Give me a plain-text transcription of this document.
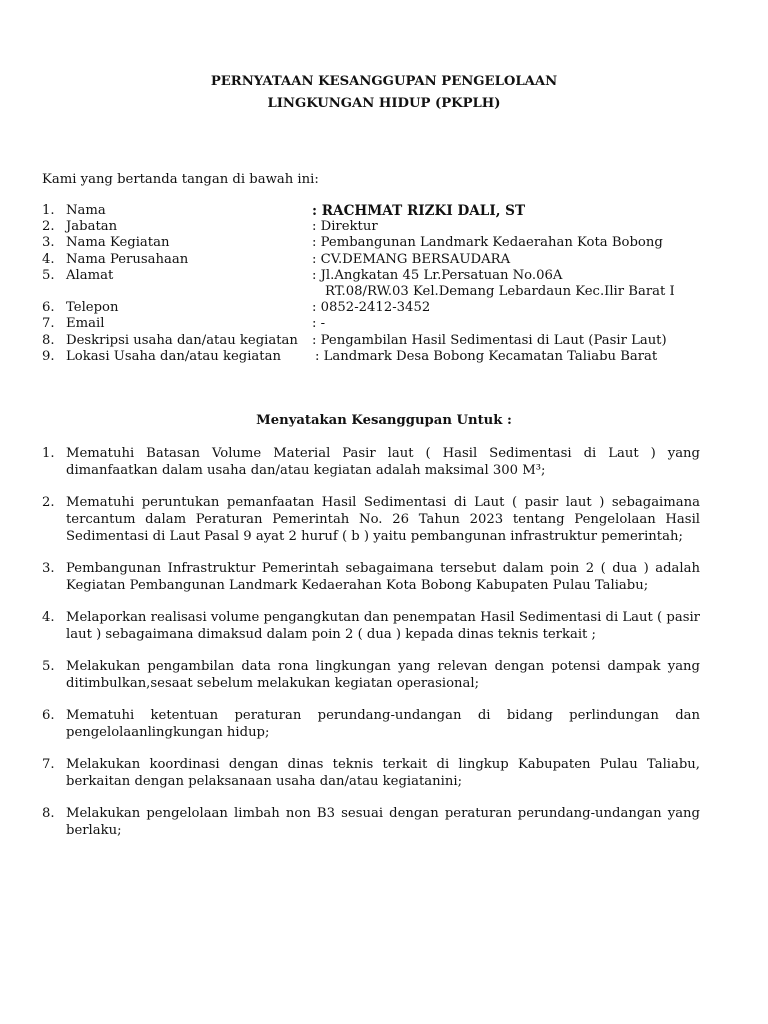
PERNYATAAN KESANGGUPAN PENGELOLAAN
LINGKUNGAN HIDUP (PKPLH)
Kami yang bertanda tangan di bawah ini:
1. Nama	: RACHMAT RIZKI DALI, ST
2. Jabatan	: Direktur
3. Nama Kegiatan	: Pembangunan Landmark Kedaerahan Kota Bobong
4. Nama Perusahaan	: CV.DEMANG BERSAUDARA
5. Alamat	: Jl.Angkatan 45 Lr.Persatuan No.06A
RT.08/RW.03 Kel.Demang Lebardaun Kec.Ilir Barat I
6. Telepon	: 0852-2412-3452
7. Email	: -
8. Deskripsi usaha dan/atau kegiatan : Pengambilan Hasil Sedimentasi di Laut (Pasir Laut)
9. Lokasi Usaha dan/atau kegiatan	: Landmark Desa Bobong Kecamatan Taliabu Barat
Menyatakan Kesanggupan Untuk :
1. Mematuhi Batasan Volume Material Pasir laut ( Hasil Sedimentasi di Laut ) yang dimanfaatkan dalam usaha dan/atau kegiatan adalah maksimal 300 M³;
2. Mematuhi peruntukan pemanfaatan Hasil Sedimentasi di Laut ( pasir laut ) sebagaimana tercantum dalam Peraturan Pemerintah No. 26 Tahun 2023 tentang Pengelolaan Hasil Sedimentasi di Laut Pasal 9 ayat 2 huruf ( b ) yaitu pembangunan infrastruktur pemerintah;
3. Pembangunan Infrastruktur Pemerintah sebagaimana tersebut dalam poin 2 ( dua ) adalah Kegiatan Pembangunan Landmark Kedaerahan Kota Bobong Kabupaten Pulau Taliabu;
4. Melaporkan realisasi volume pengangkutan dan penempatan Hasil Sedimentasi di Laut ( pasir laut ) sebagaimana dimaksud dalam poin 2 ( dua ) kepada dinas teknis terkait ;
5. Melakukan pengambilan data rona lingkungan yang relevan dengan potensi dampak yang ditimbulkan,sesaat sebelum melakukan kegiatan operasional;
6. Mematuhi ketentuan peraturan perundang-undangan di bidang perlindungan dan pengelolaanlingkungan hidup;
7. Melakukan koordinasi dengan dinas teknis terkait di lingkup Kabupaten Pulau Taliabu, berkaitan dengan pelaksanaan usaha dan/atau kegiatanini;
8. Melakukan pengelolaan limbah non B3 sesuai dengan peraturan perundang-undangan yang berlaku;
